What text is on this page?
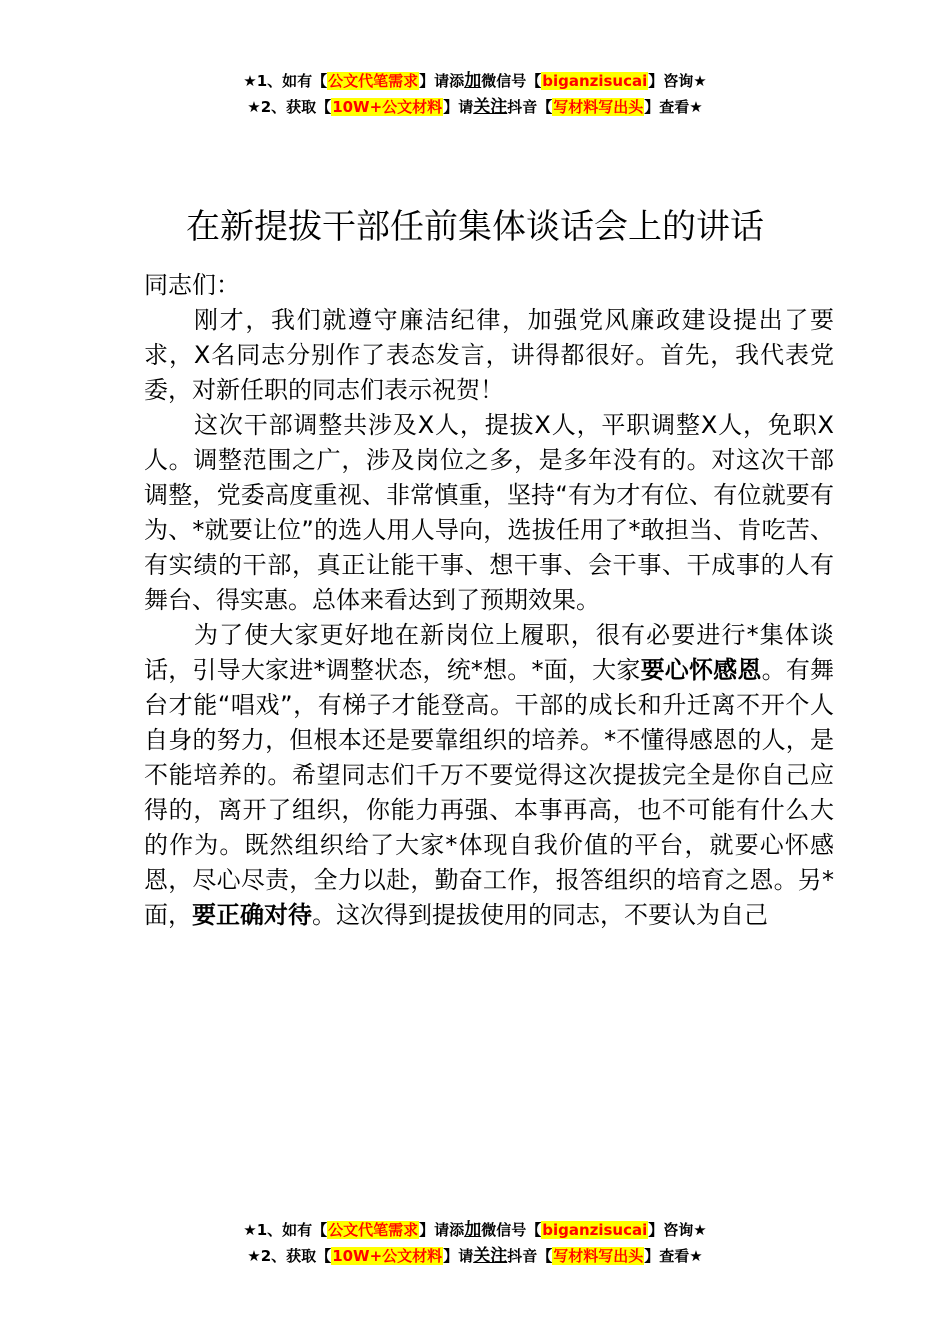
★1、如有【公文代笔需求】请添加微信号【biganzisucai】咨询★
★2、获取【10W+公文材料】请关注抖音【写材料写出头】查看★
在新提拔干部任前集体谈话会上的讲话

同志们：

刚才，我们就遵守廉洁纪律，加强党风廉政建设提出了要求，X名同志分别作了表态发言，讲得都很好。首先，我代表党委，对新任职的同志们表示祝贺！

这次干部调整共涉及X人，提拔X人，平职调整X人，免职X人。调整范围之广，涉及岗位之多，是多年没有的。对这次干部调整，党委高度重视、非常慎重，坚持“有为才有位、有位就要有为、*就要让位”的选人用人导向，选拔任用了*敢担当、肯吃苦、有实绩的干部，真正让能干事、想干事、会干事、干成事的人有舞台、得实惠。总体来看达到了预期效果。

为了使大家更好地在新岗位上履职，很有必要进行*集体谈话，引导大家进*调整状态，统*想。*面，大家要心怀感恩。有舞台才能“唱戏”，有梯子才能登高。干部的成长和升迁离不开个人自身的努力，但根本还是要靠组织的培养。*不懂得感恩的人，是不能培养的。希望同志们千万不要觉得这次提拔完全是你自己应得的，离开了组织，你能力再强、本事再高，也不可能有什么大的作为。既然组织给了大家*体现自我价值的平台，就要心怀感恩，尽心尽责，全力以赴，勤奋工作，报答组织的培育之恩。另*面，要正确对待。这次得到提拔使用的同志，不要认为自己

★1、如有【公文代笔需求】请添加微信号【biganzisucai】咨询★
★2、获取【10W+公文材料】请关注抖音【写材料写出头】查看★
